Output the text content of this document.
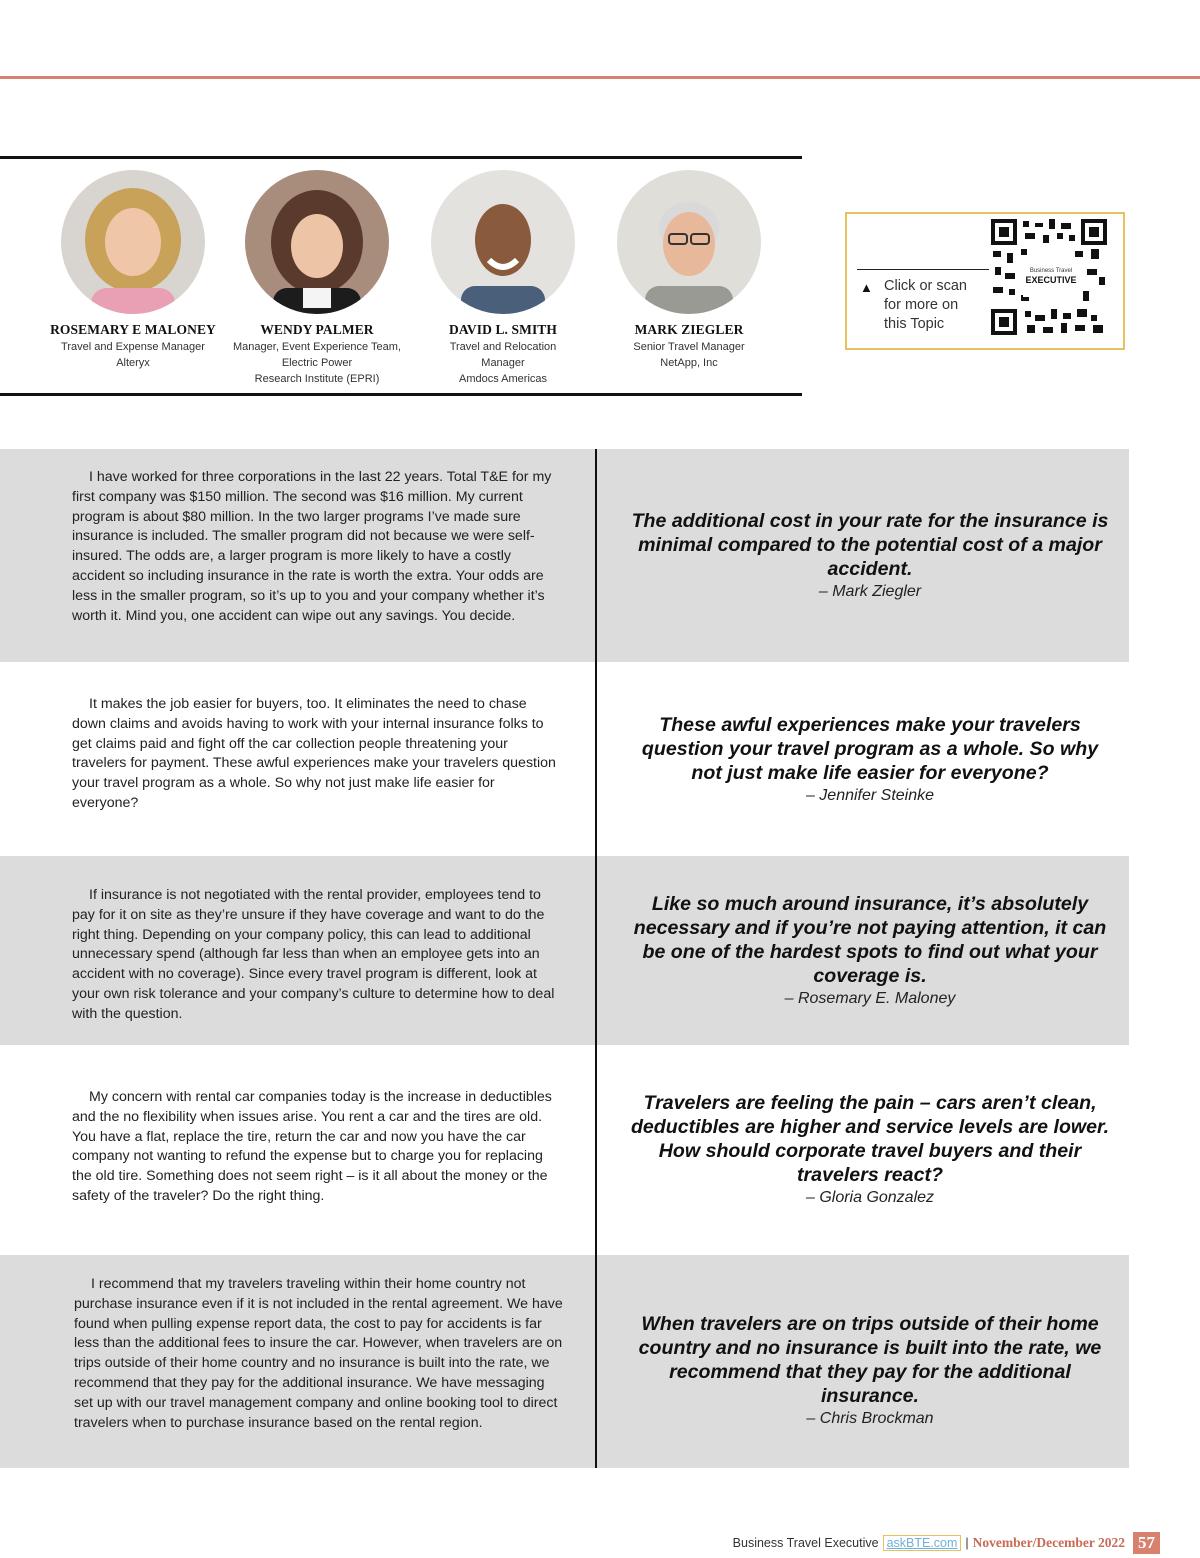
ROSEMARY E MALONEY
Travel and Expense Manager
Alteryx
WENDY PALMER
Manager, Event Experience Team,
Electric Power
Research Institute (EPRI)
DAVID L. SMITH
Travel and Relocation
Manager
Amdocs Americas
MARK ZIEGLER
Senior Travel Manager
NetApp, Inc
▲ Click or scan
for more on
this Topic
Business Travel
EXECUTIVE
I have worked for three corporations in the last 22 years. Total T&E for my first company was $150 million. The second was $16 million. My current program is about $80 million. In the two larger programs I’ve made sure insurance is included. The smaller program did not because we were self-insured. The odds are, a larger program is more likely to have a costly accident so including insurance in the rate is worth the extra. Your odds are less in the smaller program, so it’s up to you and your company whether it’s worth it. Mind you, one accident can wipe out any savings. You decide.
The additional cost in your rate for the insurance is minimal compared to the potential cost of a major accident.
– Mark Ziegler
It makes the job easier for buyers, too. It eliminates the need to chase down claims and avoids having to work with your internal insurance folks to get claims paid and fight off the car collection people threatening your travelers for payment. These awful experiences make your travelers question your travel program as a whole. So why not just make life easier for everyone?
These awful experiences make your travelers question your travel program as a whole. So why not just make life easier for everyone?
– Jennifer Steinke
If insurance is not negotiated with the rental provider, employees tend to pay for it on site as they’re unsure if they have coverage and want to do the right thing. Depending on your company policy, this can lead to additional unnecessary spend (although far less than when an employee gets into an accident with no coverage). Since every travel program is different, look at your own risk tolerance and your company’s culture to determine how to deal with the question.
Like so much around insurance, it’s absolutely necessary and if you’re not paying attention, it can be one of the hardest spots to find out what your coverage is.
– Rosemary E. Maloney
My concern with rental car companies today is the increase in deductibles and the no flexibility when issues arise. You rent a car and the tires are old. You have a flat, replace the tire, return the car and now you have the car company not wanting to refund the expense but to charge you for replacing the old tire. Something does not seem right – is it all about the money or the safety of the traveler? Do the right thing.
Travelers are feeling the pain – cars aren’t clean, deductibles are higher and service levels are lower. How should corporate travel buyers and their travelers react?
– Gloria Gonzalez
I recommend that my travelers traveling within their home country not purchase insurance even if it is not included in the rental agreement. We have found when pulling expense report data, the cost to pay for accidents is far less than the additional fees to insure the car. However, when travelers are on trips outside of their home country and no insurance is built into the rate, we recommend that they pay for the additional insurance. We have messaging set up with our travel management company and online booking tool to direct travelers when to purchase insurance based on the rental region.
When travelers are on trips outside of their home country and no insurance is built into the rate, we recommend that they pay for the additional insurance.
– Chris Brockman
Business Travel Executive askBTE.com | November/December 2022 57
